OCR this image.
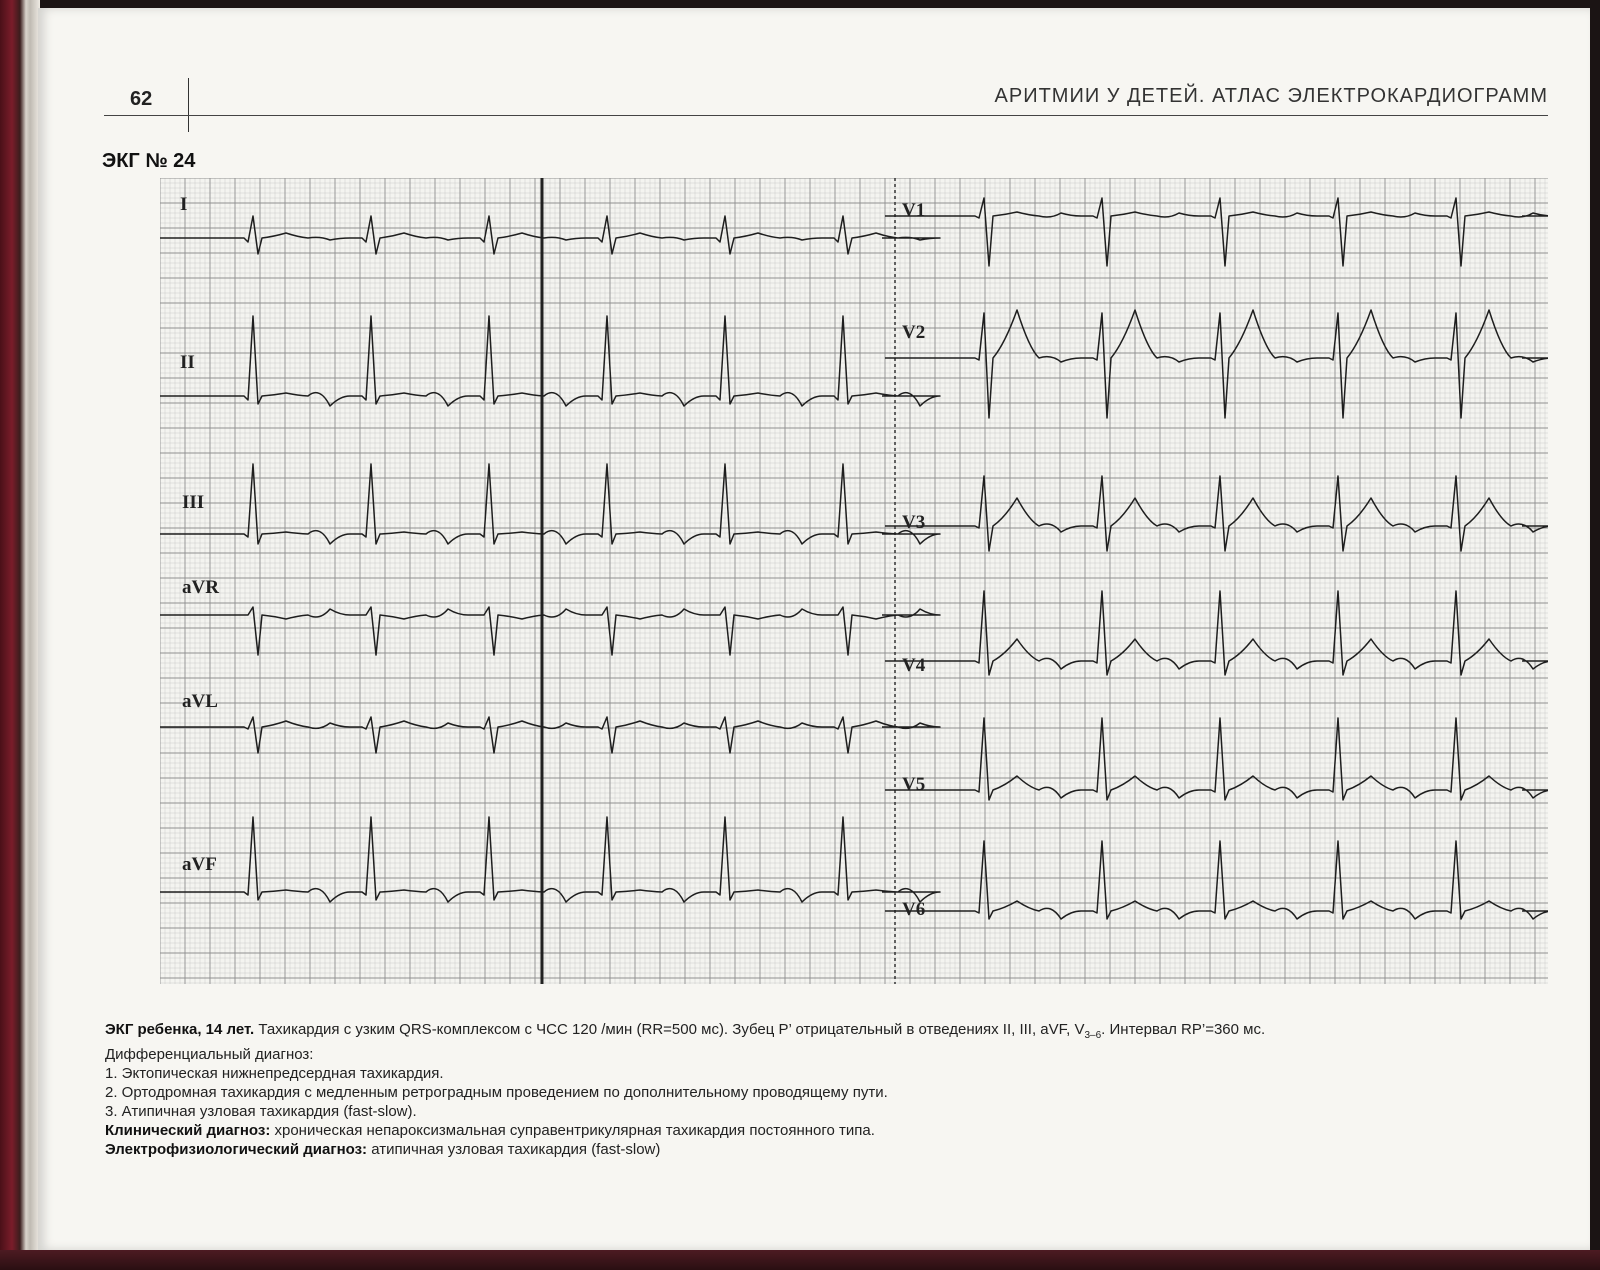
62	АРИТМИИ У ДЕТЕЙ. АТЛАС ЭЛЕКТРОКАРДИОГРАММ
ЭКГ № 24
I
II
III
aVR
aVL
aVF
V1
V2
V3
V4
V5
V6

ЭКГ ребенка, 14 лет. Тахикардия с узким QRS-комплексом с ЧСС 120 /мин (RR=500 мс). Зубец Р’ отрицательный в отведениях II, III, aVF, $V_{3-6}$. Интервал RP’=360 мс.

Дифференциальный диагноз:

1. Эктопическая нижнепредсердная тахикардия.

2. Ортодромная тахикардия с медленным ретроградным проведением по дополнительному проводящему пути.

3. Атипичная узловая тахикардия (fast-slow).

Клинический диагноз: хроническая непароксизмальная суправентрикулярная тахикардия постоянного типа.

Электрофизиологический диагноз: атипичная узловая тахикардия (fast-slow)
